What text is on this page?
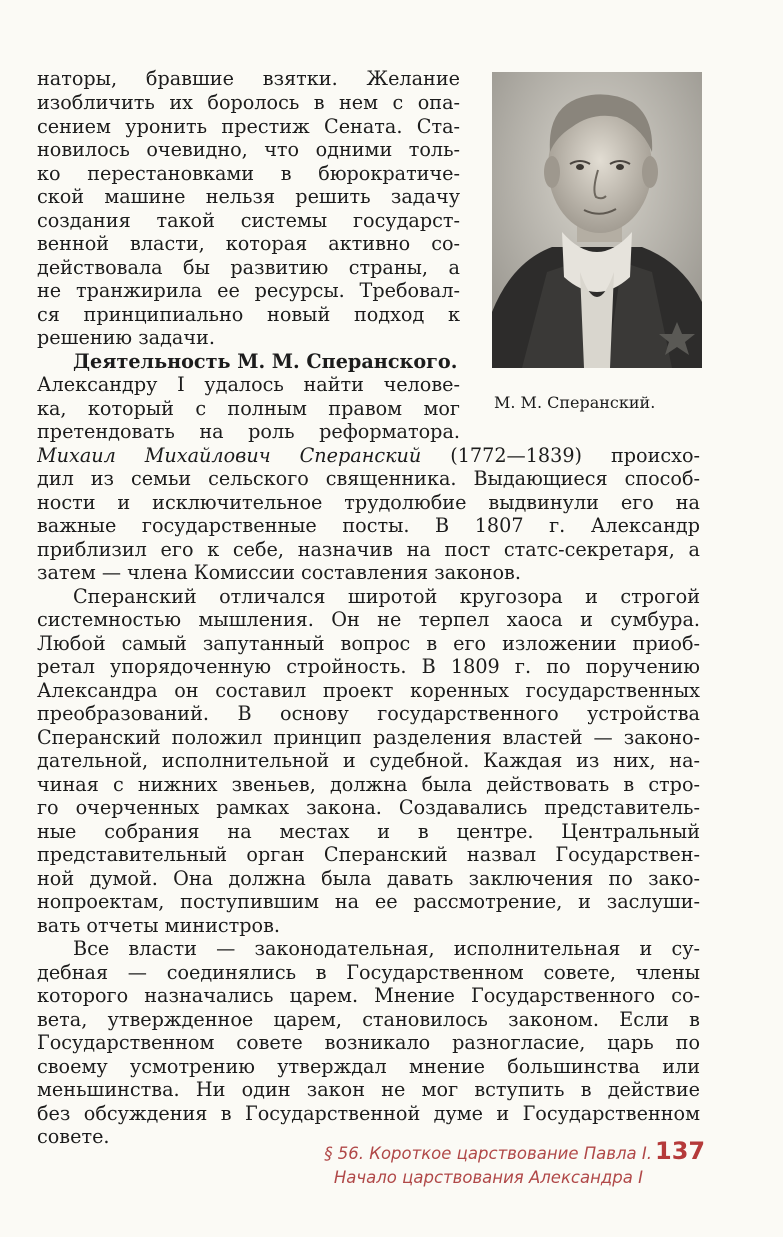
наторы, бравшие взятки. Желание
изобличить их боролось в нем с опа-
сением уронить престиж Сената. Ста-
новилось очевидно, что одними толь-
ко перестановками в бюрократиче-
ской машине нельзя решить задачу
создания такой системы государст-
венной власти, которая активно со-
действовала бы развитию страны, а
не транжирила ее ресурсы. Требовал-
ся принципиально новый подход к
решению задачи.
Деятельность М. М. Сперанского.
Александру I удалось найти челове-
ка, который с полным правом мог
претендовать на роль реформатора.
Михаил Михайлович Сперанский (1772—1839) происхо-
дил из семьи сельского священника. Выдающиеся способ-
ности и исключительное трудолюбие выдвинули его на
важные государственные посты. В 1807 г. Александр
приблизил его к себе, назначив на пост статс-секретаря, а
затем — члена Комиссии составления законов.
Сперанский отличался широтой кругозора и строгой
системностью мышления. Он не терпел хаоса и сумбура.
Любой самый запутанный вопрос в его изложении приоб-
ретал упорядоченную стройность. В 1809 г. по поручению
Александра он составил проект коренных государственных
преобразований. В основу государственного устройства
Сперанский положил принцип разделения властей — законо-
дательной, исполнительной и судебной. Каждая из них, на-
чиная с нижних звеньев, должна была действовать в стро-
го очерченных рамках закона. Создавались представитель-
ные собрания на местах и в центре. Центральный
представительный орган Сперанский назвал Государствен-
ной думой. Она должна была давать заключения по зако-
нопроектам, поступившим на ее рассмотрение, и заслуши-
вать отчеты министров.
Все власти — законодательная, исполнительная и су-
дебная — соединялись в Государственном совете, члены
которого назначались царем. Мнение Государственного со-
вета, утвержденное царем, становилось законом. Если в
Государственном совете возникало разногласие, царь по
своему усмотрению утверждал мнение большинства или
меньшинства. Ни один закон не мог вступить в действие
без обсуждения в Государственной думе и Государственном
совете.
М. М. Сперанский.
§ 56. Короткое царствование Павла I. 137
Начало царствования Александра I
